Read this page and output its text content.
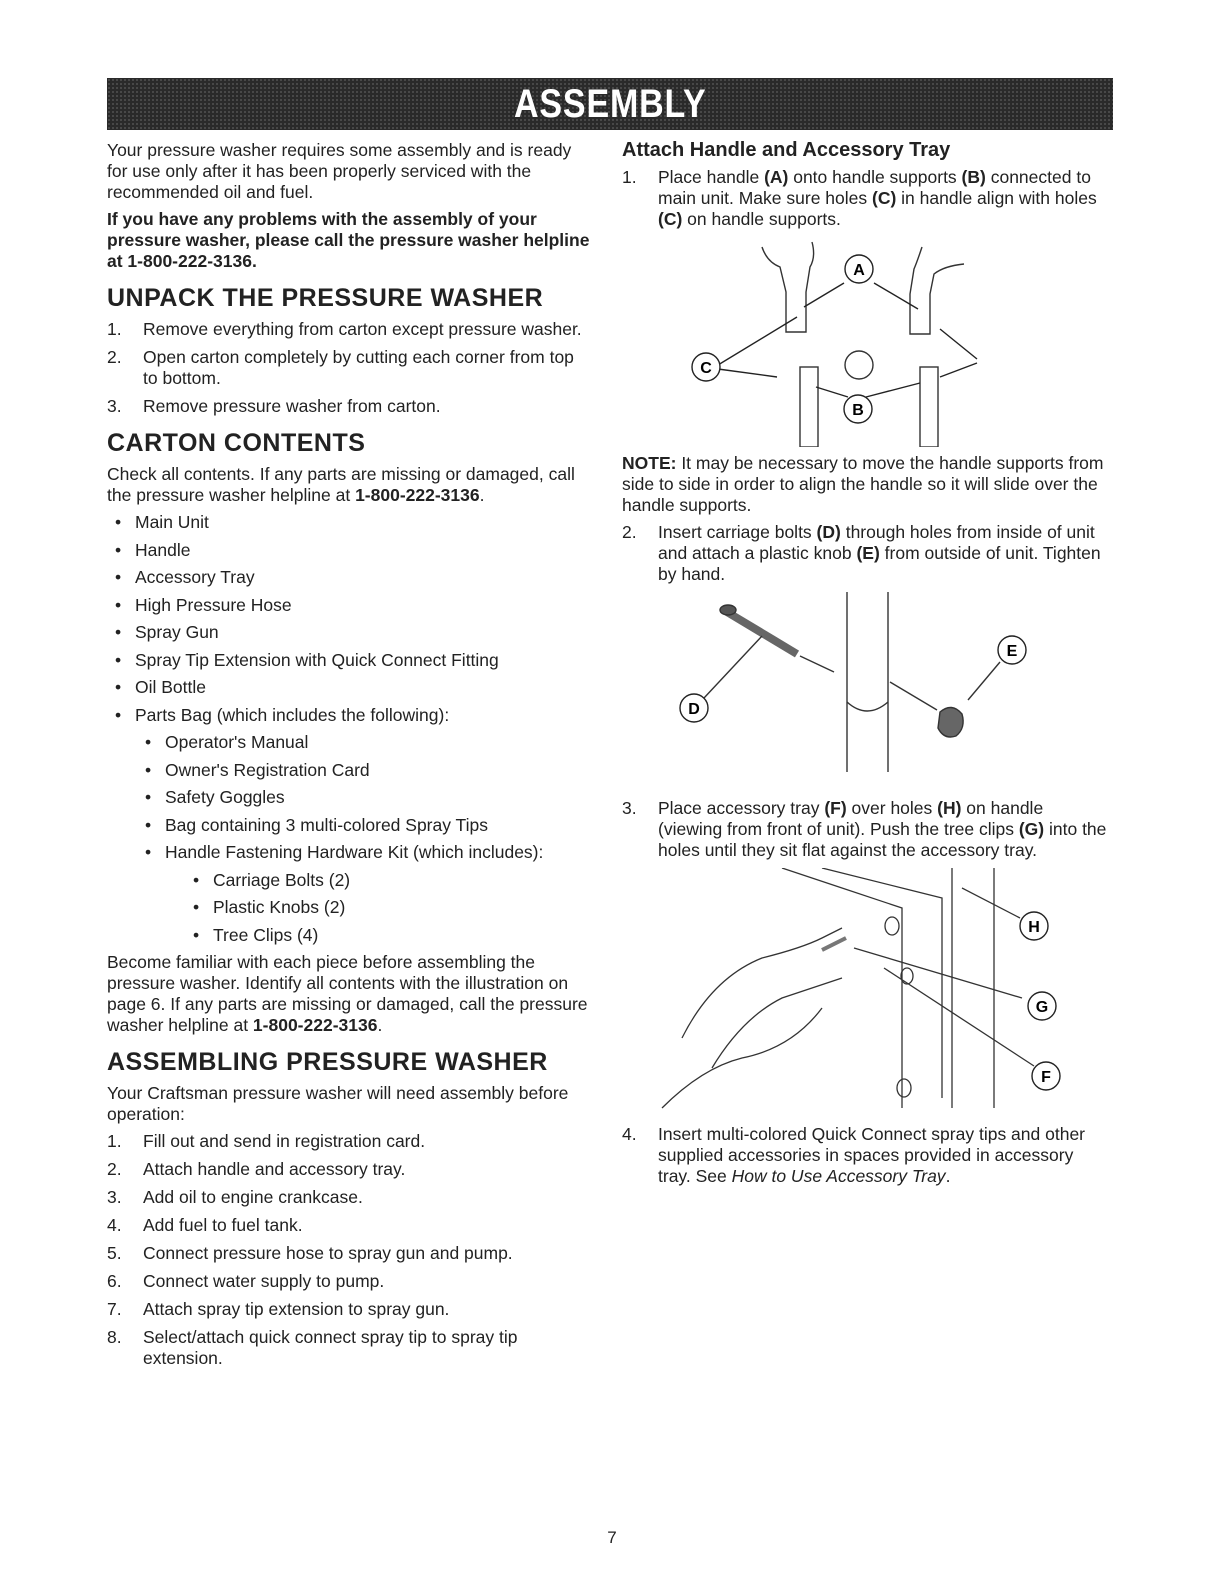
ASSEMBLY

Your pressure washer requires some assembly and is ready for use only after it has been properly serviced with the recommended oil and fuel.

If you have any problems with the assembly of your pressure washer, please call the pressure washer helpline at 1-800-222-3136.

UNPACK THE PRESSURE WASHER
1. Remove everything from carton except pressure washer.
2. Open carton completely by cutting each corner from top to bottom.
3. Remove pressure washer from carton.
CARTON CONTENTS

Check all contents. If any parts are missing or damaged, call the pressure washer helpline at 1-800-222-3136.

• Main Unit
• Handle
• Accessory Tray
• High Pressure Hose
• Spray Gun
• Spray Tip Extension with Quick Connect Fitting
• Oil Bottle
• Parts Bag (which includes the following):
• Operator's Manual
• Owner's Registration Card
• Safety Goggles
• Bag containing 3 multi-colored Spray Tips
• Handle Fastening Hardware Kit (which includes):
• Carriage Bolts (2)
• Plastic Knobs (2)
• Tree Clips (4)

Become familiar with each piece before assembling the pressure washer. Identify all contents with the illustration on page 6. If any parts are missing or damaged, call the pressure washer helpline at 1-800-222-3136.

ASSEMBLING PRESSURE WASHER

Your Craftsman pressure washer will need assembly before operation:

1. Fill out and send in registration card.
2. Attach handle and accessory tray.
3. Add oil to engine crankcase.
4. Add fuel to fuel tank.
5. Connect pressure hose to spray gun and pump.
6. Connect water supply to pump.
7. Attach spray tip extension to spray gun.
8. Select/attach quick connect spray tip to spray tip extension.
Attach Handle and Accessory Tray
1. Place handle (A) onto handle supports (B) connected to main unit. Make sure holes (C) in handle align with holes (C) on handle supports.
A
C
B

NOTE: It may be necessary to move the handle supports from side to side in order to align the handle so it will slide over the handle supports.

2. Insert carriage bolts (D) through holes from inside of unit and attach a plastic knob (E) from outside of unit. Tighten by hand.
D
E
3. Place accessory tray (F) over holes (H) on handle (viewing from front of unit). Push the tree clips (G) into the holes until they sit flat against the accessory tray.
H
G
F
4. Insert multi-colored Quick Connect spray tips and other supplied accessories in spaces provided in accessory tray. See How to Use Accessory Tray.
7
